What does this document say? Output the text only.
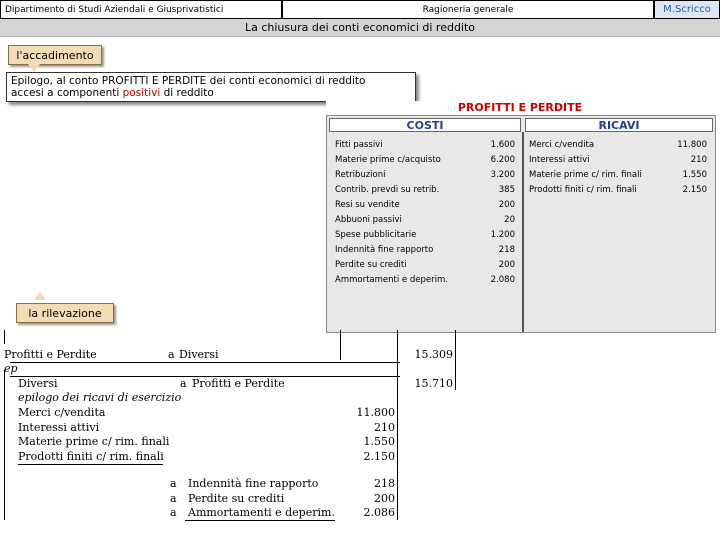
Dipartimento di Studi Aziendali e Giusprivatistici	Ragioneria generale	M.Scricco
La chiusura dei conti economici di reddito
l'accadimento
Epilogo, al conto PROFITTI E PERDITE dei conti economici di reddito
accesi a componenti positivi di reddito
PROFITTI E PERDITE
COSTI	RICAVI
Fitti passivi	1.600
Materie prime c/acquisto	6.200
Retribuzioni	3.200
Contrib. prevdi su retrib.	385
Resi su vendite	200
Abbuoni passivi	20
Spese pubblicitarie	1.200
Indennità fine rapporto	218
Perdite su crediti	200
Ammortamenti e deperim.	2.080
Merci c/vendita	11.800
Interessi attivi	210
Materie prime c/ rim. finali	1.550
Prodotti finiti c/ rim. finali	2.150
la rilevazione
Profitti e Perdite	a Diversi	15.309
ep
Diversi	a Profitti e Perdite	15.710
epilogo dei ricavi di esercizio
Merci c/vendita	11.800
Interessi attivi	210
Materie prime c/ rim. finali	1.550
Prodotti finiti c/ rim. finali	2.150
a Indennità fine rapporto	218
a Perdite su crediti	200
a Ammortamenti e deperim.	2.086
